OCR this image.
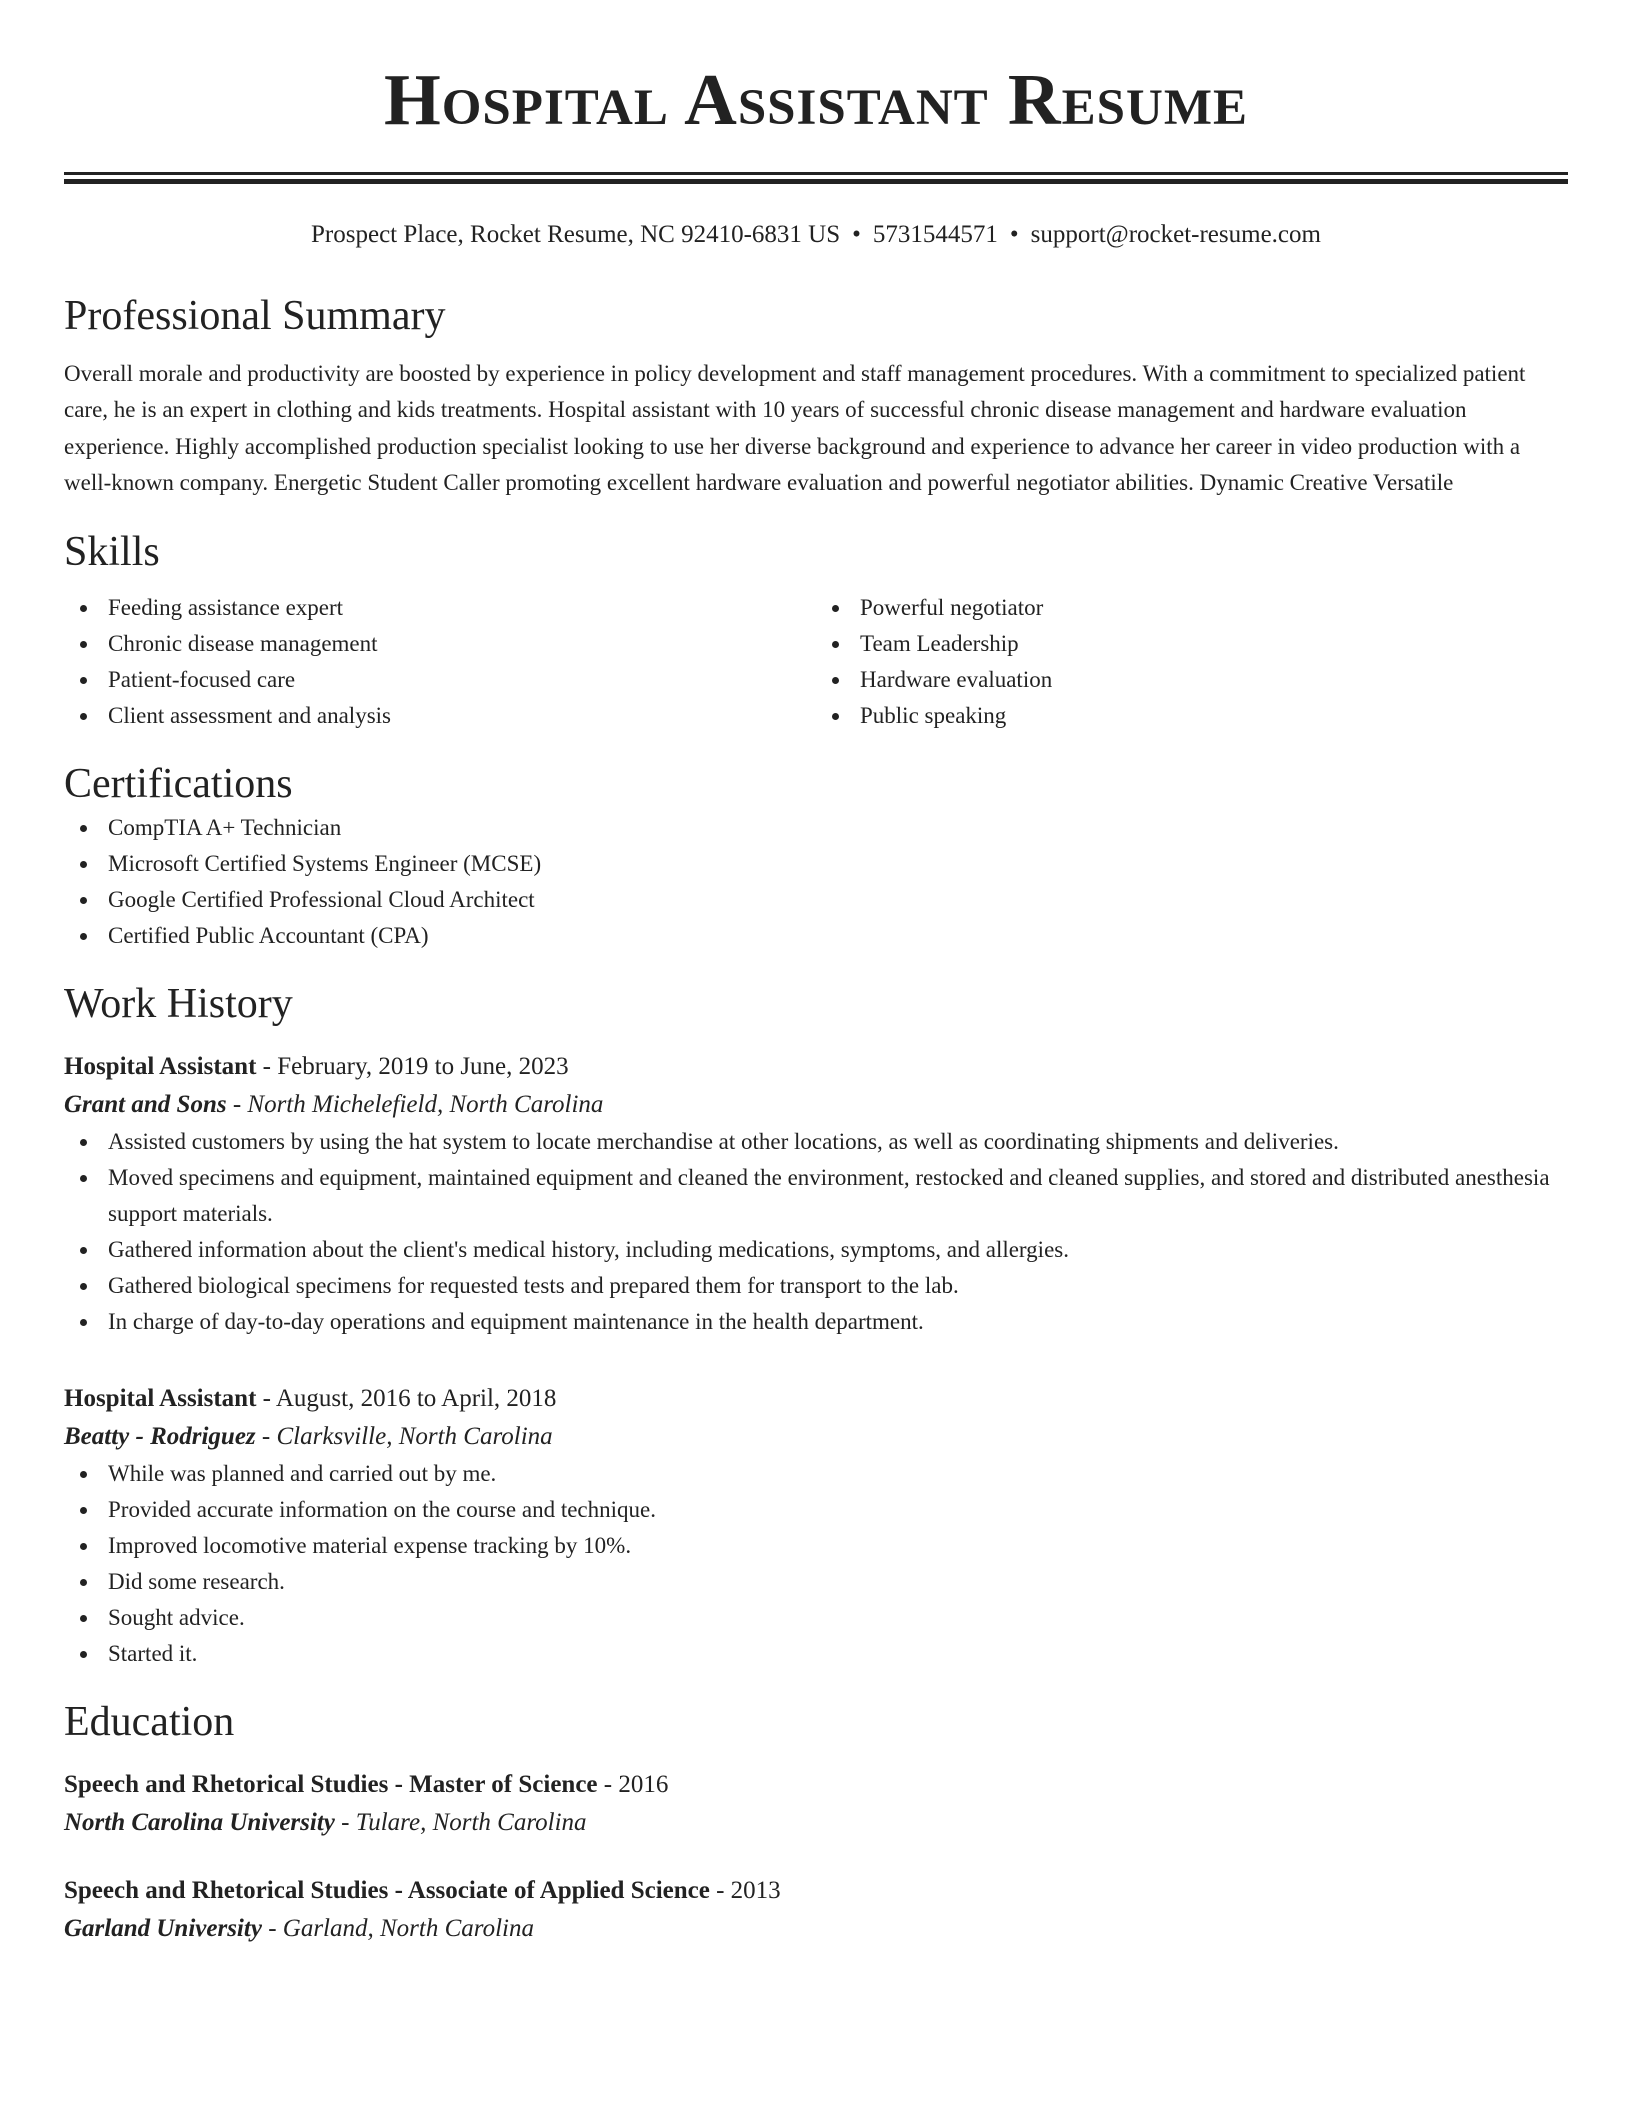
Hospital Assistant Resume
Prospect Place, Rocket Resume, NC 92410-6831 US • 5731544571 • support@rocket-resume.com
Professional Summary

Overall morale and productivity are boosted by experience in policy development and staff management procedures. With a commitment to specialized patient care, he is an expert in clothing and kids treatments. Hospital assistant with 10 years of successful chronic disease management and hardware evaluation experience. Highly accomplished production specialist looking to use her diverse background and experience to advance her career in video production with a well-known company. Energetic Student Caller promoting excellent hardware evaluation and powerful negotiator abilities. Dynamic Creative Versatile

Skills
Feeding assistance expert
Chronic disease management
Patient-focused care
Client assessment and analysis
Powerful negotiator
Team Leadership
Hardware evaluation
Public speaking
Certifications
CompTIA A+ Technician
Microsoft Certified Systems Engineer (MCSE)
Google Certified Professional Cloud Architect
Certified Public Accountant (CPA)
Work History
Hospital Assistant - February, 2019 to June, 2023
Grant and Sons - North Michelefield, North Carolina
Assisted customers by using the hat system to locate merchandise at other locations, as well as coordinating shipments and deliveries.
Moved specimens and equipment, maintained equipment and cleaned the environment, restocked and cleaned supplies, and stored and distributed anesthesia support materials.
Gathered information about the client's medical history, including medications, symptoms, and allergies.
Gathered biological specimens for requested tests and prepared them for transport to the lab.
In charge of day-to-day operations and equipment maintenance in the health department.
Hospital Assistant - August, 2016 to April, 2018
Beatty - Rodriguez - Clarksville, North Carolina
While was planned and carried out by me.
Provided accurate information on the course and technique.
Improved locomotive material expense tracking by 10%.
Did some research.
Sought advice.
Started it.
Education
Speech and Rhetorical Studies - Master of Science - 2016
North Carolina University - Tulare, North Carolina
Speech and Rhetorical Studies - Associate of Applied Science - 2013
Garland University - Garland, North Carolina
